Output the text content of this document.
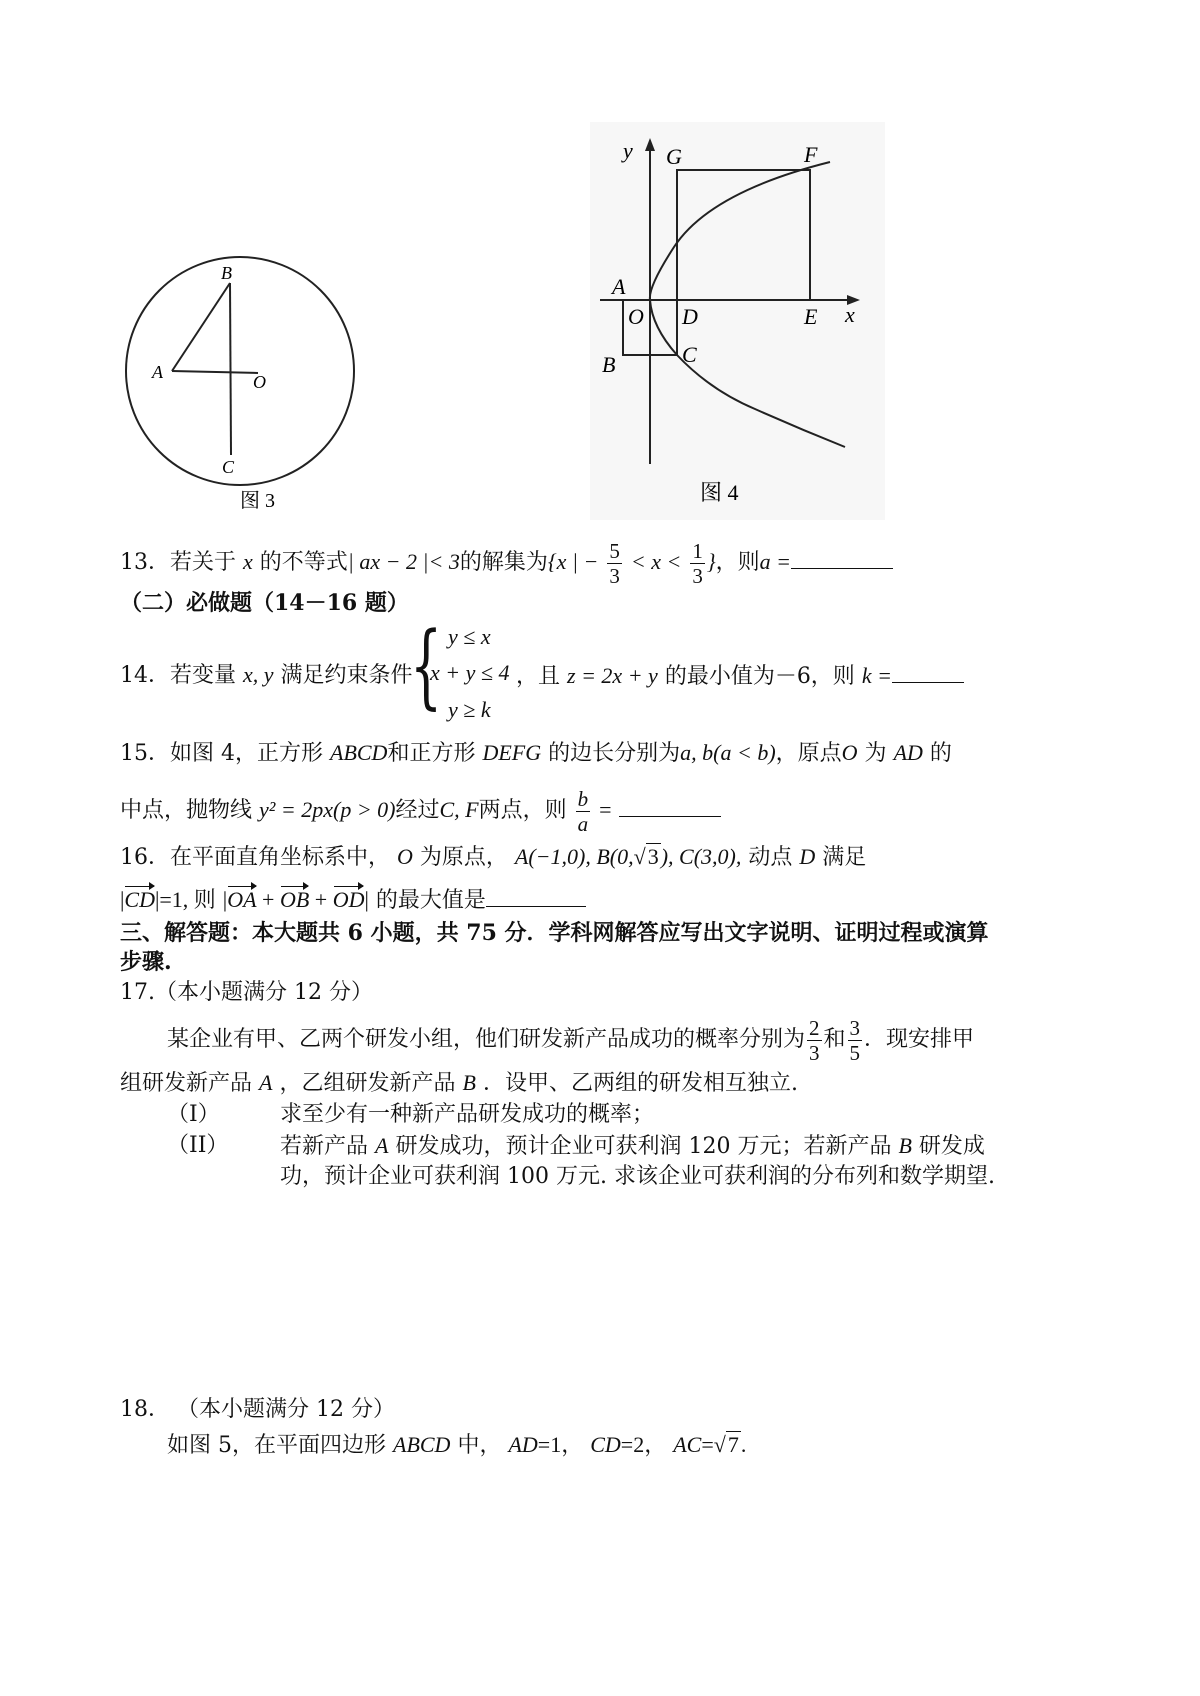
B
A	O
C
图 3
y G	F
A
O D	E x
B	C
图 4
13．若关于 x 的不等式| ax − 2 |< 3的解集为{x | − $\frac{5}{3} < x < \frac{1}{3}$ }，则a =
（二）必做题（14－16 题）
14．若变量 x, y 满足约束条件
{ y ≤ x
x + y ≤ 4
y ≥ k
，且 z = 2x + y 的最小值为－6，则 k =
15．如图 4，正方形 ABCD和正方形 DEFG 的边长分别为a, b(a < b)，原点O 为 AD 的
中点，抛物线 y² = 2px(p > 0)经过C, F两点，则 $\frac{b}{a}$ =
16．在平面直角坐标系中， O 为原点， A(−1,0), B(0,√3), C(3,0), 动点 D 满足
|CD|=1, 则 |OA + OB + OD| 的最大值是
三、解答题：本大题共 6 小题，共 75 分．学科网解答应写出文字说明、证明过程或演算
步骤.
17.（本小题满分 12 分）
某企业有甲、乙两个研发小组，他们研发新产品成功的概率分别为 $\frac{2}{3}$ 和 $\frac{3}{5}$ ．现安排甲
组研发新产品 A ，乙组研发新产品 B ．设甲、乙两组的研发相互独立.
（I）	求至少有一种新产品研发成功的概率；
（II） 若新产品 A 研发成功，预计企业可获利润 120 万元；若新产品 B 研发成
功，预计企业可获利润 100 万元. 求该企业可获利润的分布列和数学期望.
18． （本小题满分 12 分）
如图 5，在平面四边形 ABCD 中， AD=1， CD=2， AC=√7.
